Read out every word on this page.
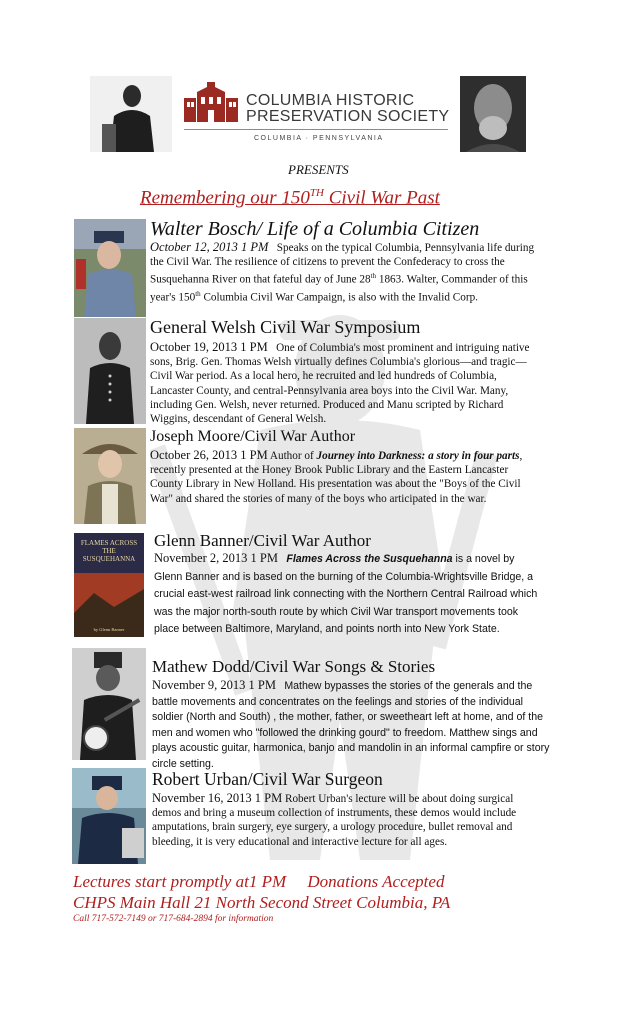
COLUMBIA HISTORIC
PRESERVATION SOCIETY
COLUMBIA · PENNSYLVANIA
PRESENTS
Remembering our 150TH Civil War Past
Walter Bosch/ Life of a Columbia Citizen
October 12, 2013 1 PM Speaks on the typical Columbia, Pennsylvania life during the Civil War. The resilience of citizens to prevent the Confederacy to cross the Susquehanna River on that fateful day of June 28th 1863. Walter, Commander of this year's 150th Columbia Civil War Campaign, is also with the Invalid Corp.
General Welsh Civil War Symposium
October 19, 2013 1 PM One of Columbia's most prominent and intriguing native sons, Brig. Gen. Thomas Welsh virtually defines Columbia's glorious—and tragic—Civil War period. As a local hero, he recruited and led hundreds of Columbia, Lancaster County, and central-Pennsylvania area boys into the Civil War. Many, including Gen. Welsh, never returned. Produced and Manu scripted by Richard Wiggins, descendant of General Welsh.
Joseph Moore/Civil War Author
October 26, 2013 1 PM Author of Journey into Darkness: a story in four parts, recently presented at the Honey Brook Public Library and the Eastern Lancaster County Library in New Holland. His presentation was about the "Boys of the Civil War" and shared the stories of many of the boys who articipated in the war.
FLAMES ACROSS THE SUSQUEHANNA
by Glenn Banner
Glenn Banner/Civil War Author
November 2, 2013 1 PM Flames Across the Susquehanna is a novel by Glenn Banner and is based on the burning of the Columbia-Wrightsville Bridge, a crucial east-west railroad link connecting with the Northern Central Railroad which was the major north-south route by which Civil War transport movements took place between Baltimore, Maryland, and points north into New York State.
Mathew Dodd/Civil War Songs & Stories
November 9, 2013 1 PM Mathew bypasses the stories of the generals and the battle movements and concentrates on the feelings and stories of the individual soldier (North and South) , the mother, father, or sweetheart left at home, and of the men and women who "followed the drinking gourd" to freedom. Matthew sings and plays acoustic guitar, harmonica, banjo and mandolin in an informal campfire or story circle setting.
Robert Urban/Civil War Surgeon
November 16, 2013 1 PM Robert Urban's lecture will be about doing surgical demos and bring a museum collection of instruments, these demos would include amputations, brain surgery, eye surgery, a urology procedure, bullet removal and bleeding, it is very educational and interactive lecture for all ages.
Lectures start promptly at1 PM Donations Accepted
CHPS Main Hall 21 North Second Street Columbia, PA
Call 717-572-7149 or 717-684-2894 for information
